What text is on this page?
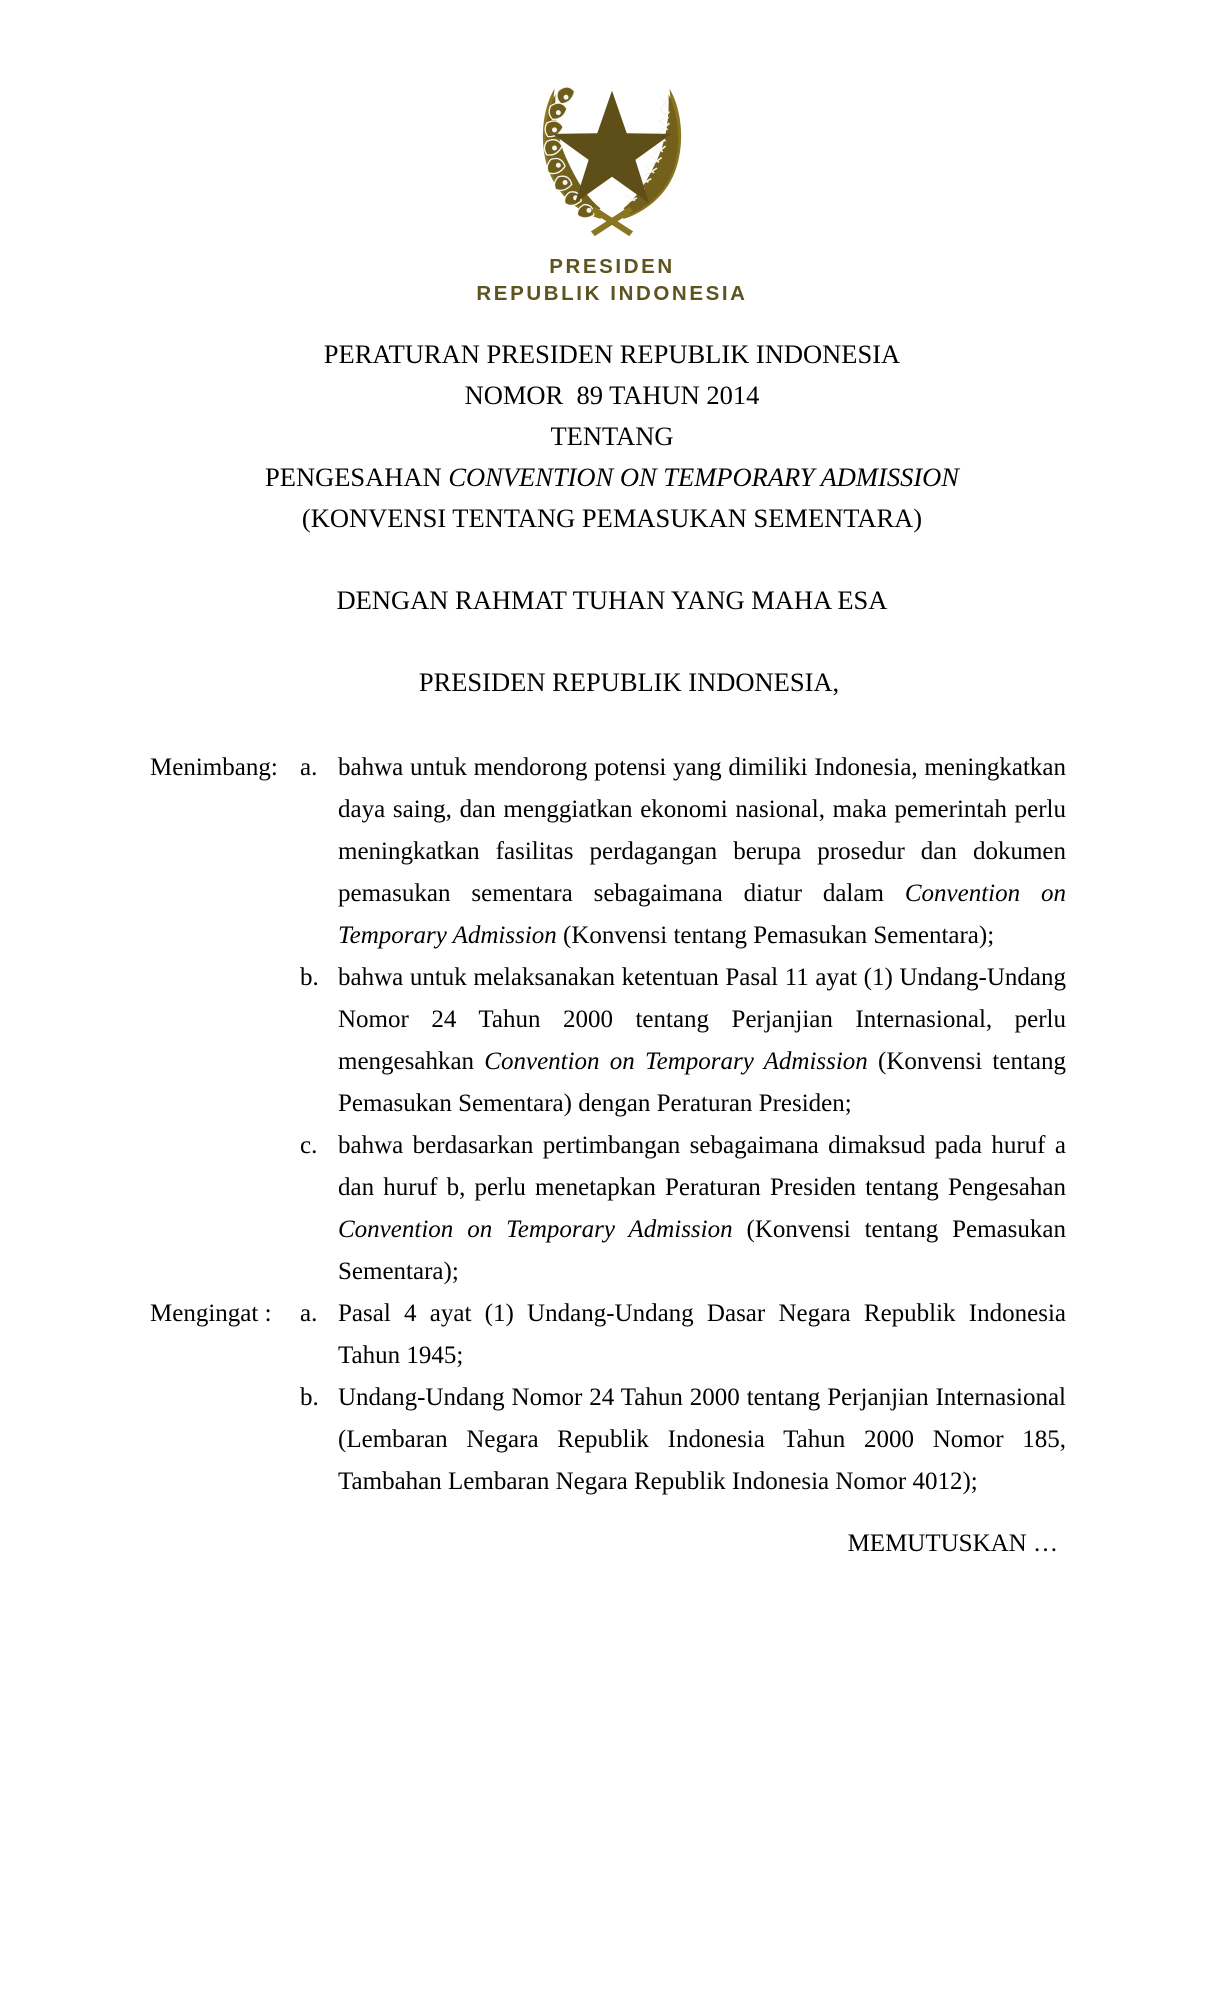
PRESIDEN
REPUBLIK INDONESIA
PERATURAN PRESIDEN REPUBLIK INDONESIA
NOMOR  89 TAHUN 2014
TENTANG
PENGESAHAN CONVENTION ON TEMPORARY ADMISSION
(KONVENSI TENTANG PEMASUKAN SEMENTARA)
DENGAN RAHMAT TUHAN YANG MAHA ESA
PRESIDEN REPUBLIK INDONESIA,
Menimbang: a. bahwa untuk mendorong potensi yang dimiliki Indonesia, meningkatkan daya saing, dan menggiatkan ekonomi nasional, maka pemerintah perlu meningkatkan fasilitas perdagangan berupa prosedur dan dokumen pemasukan sementara sebagaimana diatur dalam Convention on Temporary Admission (Konvensi tentang Pemasukan Sementara);
b. bahwa untuk melaksanakan ketentuan Pasal 11 ayat (1) Undang-Undang Nomor 24 Tahun 2000 tentang Perjanjian Internasional, perlu mengesahkan Convention on Temporary Admission (Konvensi tentang Pemasukan Sementara) dengan Peraturan Presiden;
c. bahwa berdasarkan pertimbangan sebagaimana dimaksud pada huruf a dan huruf b, perlu menetapkan Peraturan Presiden tentang Pengesahan Convention on Temporary Admission (Konvensi tentang Pemasukan Sementara);
Mengingat :	a. Pasal 4 ayat (1) Undang-Undang Dasar Negara Republik Indonesia Tahun 1945;
b. Undang-Undang Nomor 24 Tahun 2000 tentang Perjanjian Internasional (Lembaran Negara Republik Indonesia Tahun 2000 Nomor 185, Tambahan Lembaran Negara Republik Indonesia Nomor 4012);
MEMUTUSKAN …
